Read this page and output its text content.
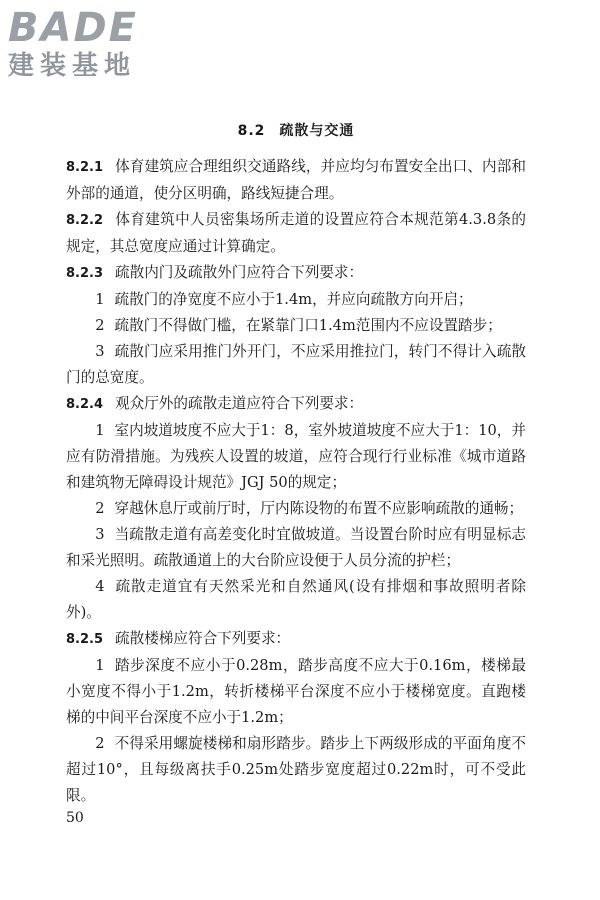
BADE
建装基地
8.2 疏散与交通
8.2.1 体育建筑应合理组织交通路线，并应均匀布置安全出口、内部和外部的通道，使分区明确，路线短捷合理。
8.2.2 体育建筑中人员密集场所走道的设置应符合本规范第4.3.8条的规定，其总宽度应通过计算确定。
8.2.3 疏散内门及疏散外门应符合下列要求：
1 疏散门的净宽度不应小于1.4m，并应向疏散方向开启；
2 疏散门不得做门槛，在紧靠门口1.4m范围内不应设置踏步；
3 疏散门应采用推门外开门，不应采用推拉门，转门不得计入疏散门的总宽度。
8.2.4 观众厅外的疏散走道应符合下列要求：
1 室内坡道坡度不应大于1：8，室外坡道坡度不应大于1：10，并应有防滑措施。为残疾人设置的坡道，应符合现行行业标准《城市道路和建筑物无障碍设计规范》JGJ 50的规定；
2 穿越休息厅或前厅时，厅内陈设物的布置不应影响疏散的通畅；
3 当疏散走道有高差变化时宜做坡道。当设置台阶时应有明显标志和采光照明。疏散通道上的大台阶应设便于人员分流的护栏；
4 疏散走道宜有天然采光和自然通风(设有排烟和事故照明者除外)。
8.2.5 疏散楼梯应符合下列要求：
1 踏步深度不应小于0.28m，踏步高度不应大于0.16m，楼梯最小宽度不得小于1.2m，转折楼梯平台深度不应小于楼梯宽度。直跑楼梯的中间平台深度不应小于1.2m；
2 不得采用螺旋楼梯和扇形踏步。踏步上下两级形成的平面角度不超过10°，且每级离扶手0.25m处踏步宽度超过0.22m时，可不受此限。
50
